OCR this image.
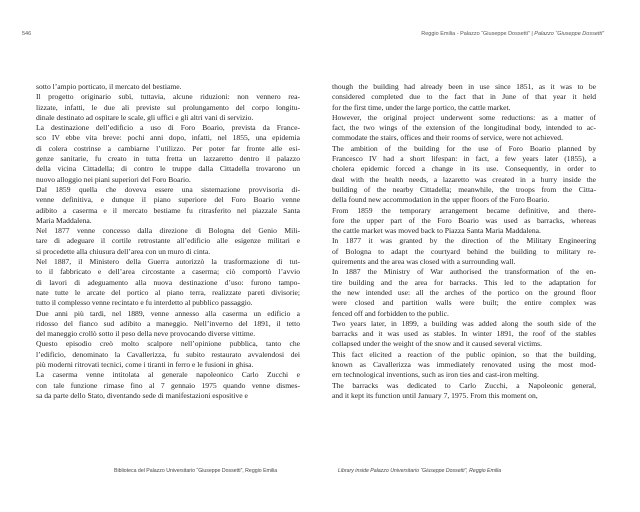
546	Reggio Emilia - Palazzo “Giuseppe Dossetti” | Palazzo “Giuseppe Dossetti”
sotto l’ampio porticato, il mercato del bestiame.
Il progetto originario subì, tuttavia, alcune riduzioni: non vennero rea-
lizzate, infatti, le due ali previste sul prolungamento del corpo longitu-
dinale destinato ad ospitare le scale, gli uffici e gli altri vani di servizio.
La destinazione dell’edificio a uso di Foro Boario, prevista da France-
sco IV ebbe vita breve: pochi anni dopo, infatti, nel 1855, una epidemia
di colera costrinse a cambiarne l’utilizzo. Per poter far fronte alle esi-
genze sanitarie, fu creato in tutta fretta un lazzaretto dentro il palazzo
della vicina Cittadella; di contro le truppe dalla Cittadella trovarono un
nuovo alloggio nei piani superiori del Foro Boario.
Dal 1859 quella che doveva essere una sistemazione provvisoria di-
venne definitiva, e dunque il piano superiore del Foro Boario venne
adibito a caserma e il mercato bestiame fu ritrasferito nel piazzale Santa
Maria Maddalena.
Nel 1877 venne concesso dalla direzione di Bologna del Genio Mili-
tare di adeguare il cortile retrostante all’edificio alle esigenze militari e
si procedette alla chiusura dell’area con un muro di cinta.
Nel 1887, il Ministero della Guerra autorizzò la trasformazione di tut-
to il fabbricato e dell’area circostante a caserma; ciò comportò l’avvio
di lavori di adeguamento alla nuova destinazione d’uso: furono tampo-
nate tutte le arcate del portico al piano terra, realizzate pareti divisorie;
tutto il complesso venne recintato e fu interdetto al pubblico passaggio.
Due anni più tardi, nel 1889, venne annesso alla caserma un edificio a
ridosso del fianco sud adibito a maneggio. Nell’inverno del 1891, il tetto
del maneggio crollò sotto il peso della neve provocando diverse vittime.
Questo episodio creò molto scalpore nell’opinione pubblica, tanto che
l’edificio, denominato la Cavallerizza, fu subito restaurato avvalendosi dei
più moderni ritrovati tecnici, come i tiranti in ferro e le fusioni in ghisa.
La caserma venne intitolata al generale napoleonico Carlo Zucchi e
con tale funzione rimase fino al 7 gennaio 1975 quando venne dismes-
sa da parte dello Stato, diventando sede di manifestazioni espositive e
though the building had already been in use since 1851, as it was to be
considered completed due to the fact that in June of that year it held
for the first time, under the large portico, the cattle market.
However, the original project underwent some reductions: as a matter of
fact, the two wings of the extension of the longitudinal body, intended to ac-
commodate the stairs, offices and their rooms of service, were not achieved.
The ambition of the building for the use of Foro Boario planned by
Francesco IV had a short lifespan: in fact, a few years later (1855), a
cholera epidemic forced a change in its use. Consequently, in order to
deal with the health needs, a lazaretto was created in a hurry inside the
building of the nearby Cittadella; meanwhile, the troops from the Citta-
della found new accommodation in the upper floors of the Foro Boario.
From 1859 the temporary arrangement became definitive, and there-
fore the upper part of the Foro Boario was used as barracks, whereas
the cattle market was moved back to Piazza Santa Maria Maddalena.
In 1877 it was granted by the direction of the Military Engineering
of Bologna to adapt the courtyard behind the building to military re-
quirements and the area was closed with a surrounding wall.
In 1887 the Ministry of War authorised the transformation of the en-
tire building and the area for barracks. This led to the adaptation for
the new intended use: all the arches of the portico on the ground floor
were closed and partition walls were built; the entire complex was
fenced off and forbidden to the public.
Two years later, in 1899, a building was added along the south side of the
barracks and it was used as stables. In winter 1891, the roof of the stables
collapsed under the weight of the snow and it caused several victims.
This fact elicited a reaction of the public opinion, so that the building,
known as Cavallerizza was immediately renovated using the most mod-
ern technological inventions, such as iron ties and cast-iron melting.
The barracks was dedicated to Carlo Zucchi, a Napoleonic general,
and it kept its function until January 7, 1975. From this moment on,
Biblioteca del Palazzo Universitario “Giuseppe Dossetti”, Reggio Emilia	Library inside Palazzo Universitario “Giuseppe Dossetti”, Reggio Emilia
